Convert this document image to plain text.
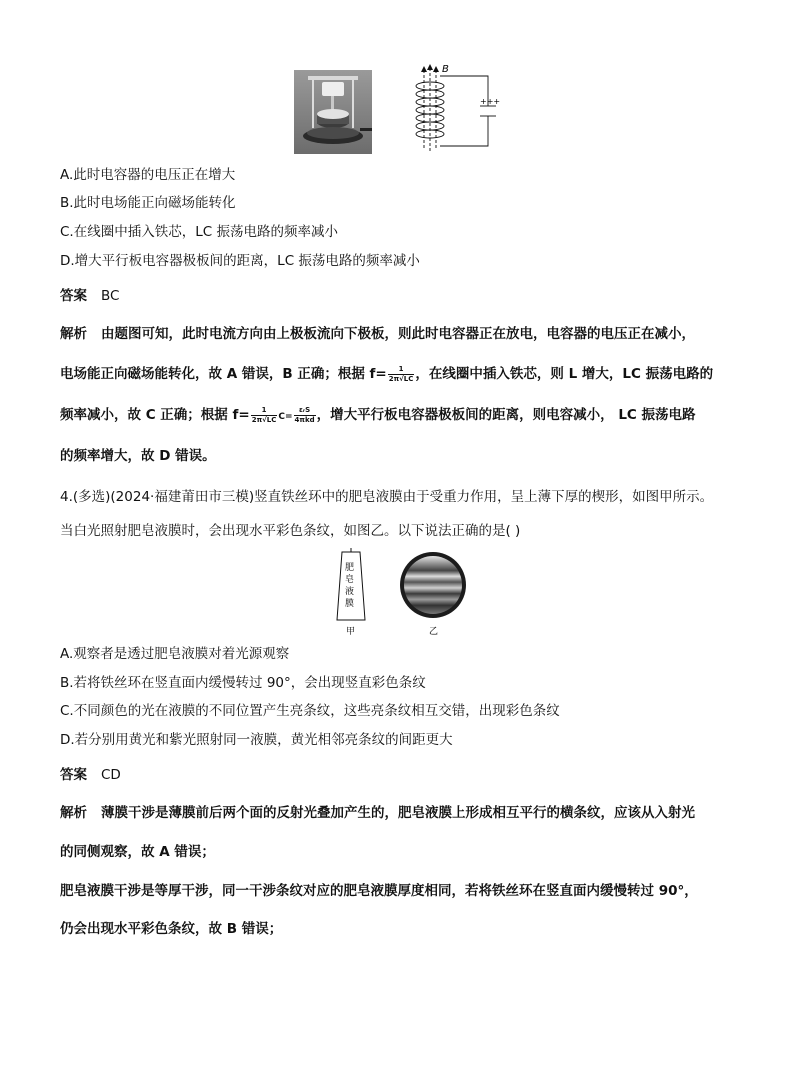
B
+++
A.此时电容器的电压正在增大
B.此时电场能正向磁场能转化
C.在线圈中插入铁芯，LC 振荡电路的频率减小
D.增大平行板电容器极板间的距离，LC 振荡电路的频率减小
答案 BC
解析 由题图可知，此时电流方向由上极板流向下极板，则此时电容器正在放电，电容器的电压正在减小，
电场能正向磁场能转化，故 A 错误，B 正确；根据 $f= \frac{1}{2\pi√LC}$ ，在线圈中插入铁芯，则 L 增大，LC 振荡电路的
频率减小，故 C 正确；根据 $f= \frac{1}{2\pi√LC} C= \frac{\text{εᵣS}}{\text{4πkd}}$ ，增大平行板电容器极板间的距离，则电容减小， LC 振荡电路
的频率增大，故 D 错误。
4.(多选)(2024·福建莆田市三模)竖直铁丝环中的肥皂液膜由于受重力作用，呈上薄下厚的楔形，如图甲所示。
当白光照射肥皂液膜时，会出现水平彩色条纹，如图乙。以下说法正确的是( )
肥
皂
液
膜
甲	乙
A.观察者是透过肥皂液膜对着光源观察
B.若将铁丝环在竖直面内缓慢转过 90°，会出现竖直彩色条纹
C.不同颜色的光在液膜的不同位置产生亮条纹，这些亮条纹相互交错，出现彩色条纹
D.若分别用黄光和紫光照射同一液膜，黄光相邻亮条纹的间距更大
答案 CD
解析 薄膜干涉是薄膜前后两个面的反射光叠加产生的，肥皂液膜上形成相互平行的横条纹，应该从入射光
的同侧观察，故 A 错误；
肥皂液膜干涉是等厚干涉，同一干涉条纹对应的肥皂液膜厚度相同，若将铁丝环在竖直面内缓慢转过 90°，
仍会出现水平彩色条纹，故 B 错误；
